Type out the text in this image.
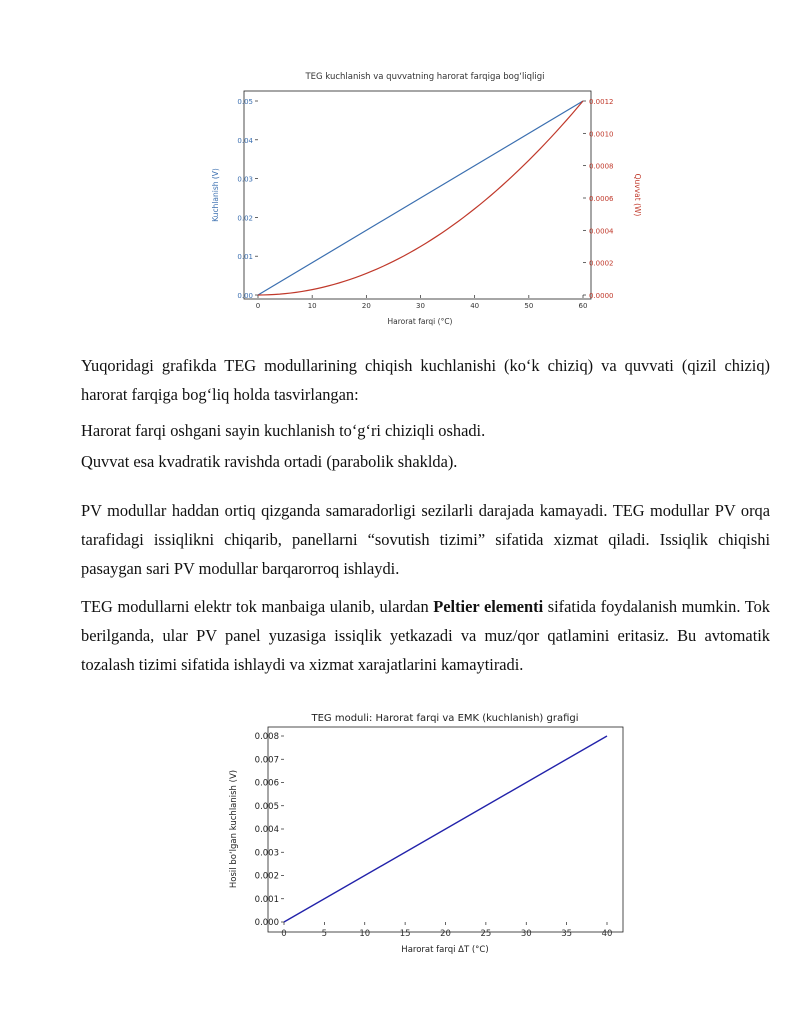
TEG kuchlanish va quvvatning harorat farqiga bog‘liqligi
0	10	20	30	40	50	60
0.00
0.01
0.02
0.03
0.04
0.05
0.0000
0.0002
0.0004
0.0006
0.0008
0.0010
0.0012
Harorat farqi (°C)
Kuchlanish (V)	Quvvat (W)
TEG moduli: Harorat farqi va EMK (kuchlanish) grafigi
0	5	10	15	20	25	30	35	40
0.000
0.001
0.002
0.003
0.004
0.005
0.006
0.007
0.008
Harorat farqi ΔT (°C)
Hosil bo‘lgan kuchlanish (V)

Yuqoridagi grafikda TEG modullarining chiqish kuchlanishi (ko‘k chiziq) va quvvati (qizil chiziq) harorat farqiga bog‘liq holda tasvirlangan:

Harorat farqi oshgani sayin kuchlanish to‘g‘ri chiziqli oshadi.

Quvvat esa kvadratik ravishda ortadi (parabolik shaklda).

PV modullar haddan ortiq qizganda samaradorligi sezilarli darajada kamayadi. TEG modullar PV orqa tarafidagi issiqlikni chiqarib, panellarni “sovutish tizimi” sifatida xizmat qiladi. Issiqlik chiqishi pasaygan sari PV modullar barqarorroq ishlaydi.

TEG modullarni elektr tok manbaiga ulanib, ulardan Peltier elementi sifatida foydalanish mumkin. Tok berilganda, ular PV panel yuzasiga issiqlik yetkazadi va muz/qor qatlamini eritasiz. Bu avtomatik tozalash tizimi sifatida ishlaydi va xizmat xarajatlarini kamaytiradi.
